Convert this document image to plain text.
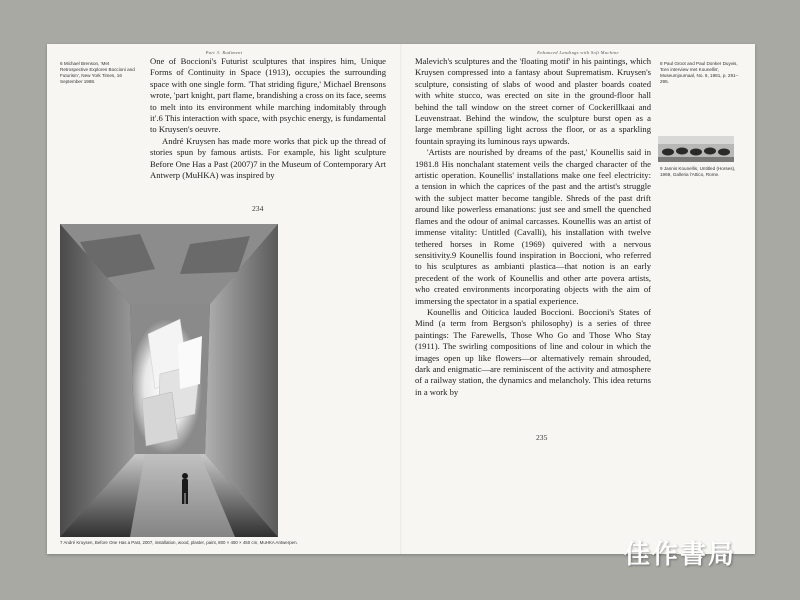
Part 3: Rudiment	Enhanced Landings with Soft Machine
6 Michael Brenson, 'Met Retrospective Explores Boccioni and Futurism', New York Times, 16 September 1988.

One of Boccioni's Futurist sculptures that inspires him, Unique Forms of Continuity in Space (1913), occupies the surrounding space with one single form. 'That striding figure,' Michael Brensons wrote, 'part knight, part flame, brandishing a cross on its face, seems to melt into its environment while marching indomitably through it'.6 This interaction with space, with psychic energy, is fundamental to Kruysen's oeuvre.

André Kruysen has made more works that pick up the thread of stories spun by famous artists. For example, his light sculpture Before One Has a Past (2007)7 in the Museum of Contemporary Art Antwerp (MuHKA) was inspired by

234
7 André Kruysen, Before One Has a Past, 2007, installation, wood, plaster, paint, 800 × 450 × 450 cm, MuHKA Antwerpen.

Malevich's sculptures and the 'floating motif' in his paintings, which Kruysen compressed into a fantasy about Suprematism. Kruysen's sculpture, consisting of slabs of wood and plaster boards coated with white stucco, was erected on site in the ground-floor hall behind the tall window on the street corner of Cockerillkaai and Leuvenstraat. Behind the window, the sculpture burst open as a large membrane spilling light across the floor, or as a sparkling fountain spraying its luminous rays upwards.

'Artists are nourished by dreams of the past,' Kounellis said in 1981.8 His nonchalant statement veils the charged character of the artistic operation. Kounellis' installations make one feel electricity: a tension in which the caprices of the past and the artist's struggle with the subject matter become tangible. Shreds of the past drift around like powerless emanations: just see and smell the quenched flames and the odour of animal carcasses. Kounellis was an artist of immense vitality: Untitled (Cavalli), his installation with twelve tethered horses in Rome (1969) quivered with a nervous sensitivity.9 Kounellis found inspiration in Boccioni, who referred to his sculptures as ambianti plastica—that notion is an early precedent of the work of Kounellis and other arte povera artists, who created environments incorporating objects with the aim of immersing the spectator in a spatial experience.

Kounellis and Oiticica lauded Boccioni. Boccioni's States of Mind (a term from Bergson's philosophy) is a series of three paintings: The Farewells, Those Who Go and Those Who Stay (1911). The swirling compositions of line and colour in which the images open up like flowers—or alternatively remain shrouded, dark and enigmatic—are reminiscent of the activity and atmosphere of a railway station, the dynamics and melancholy. This idea returns in a work by

235
8 Paul Groot and Paul Donker Duyvis, 'Een interview met Kounellis', Museumjournaal, No. 6, 1981, p. 291–295.
9 Jannis Kounellis, Untitled (Horses), 1969, Galleria l'Attico, Rome.
佳作書局
